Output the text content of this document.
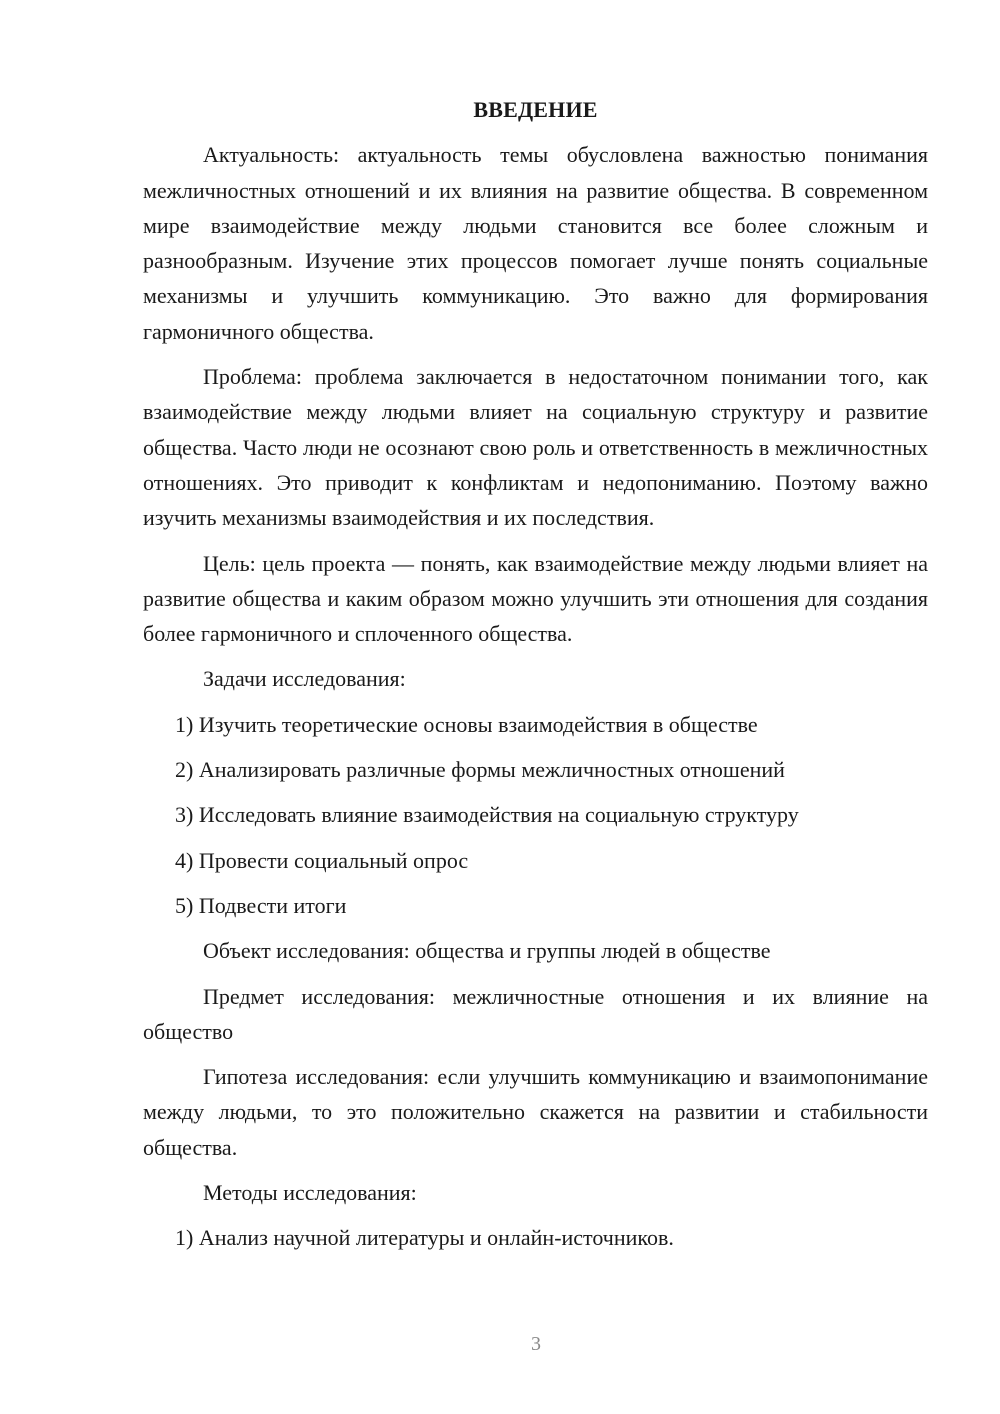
ВВЕДЕНИЕ

Актуальность: актуальность темы обусловлена важностью понимания межличностных отношений и их влияния на развитие общества. В современном мире взаимодействие между людьми становится все более сложным и разнообразным. Изучение этих процессов помогает лучше понять социальные механизмы и улучшить коммуникацию. Это важно для формирования гармоничного общества.

Проблема: проблема заключается в недостаточном понимании того, как взаимодействие между людьми влияет на социальную структуру и развитие общества. Часто люди не осознают свою роль и ответственность в межличностных отношениях. Это приводит к конфликтам и недопониманию. Поэтому важно изучить механизмы взаимодействия и их последствия.

Цель: цель проекта — понять, как взаимодействие между людьми влияет на развитие общества и каким образом можно улучшить эти отношения для создания более гармоничного и сплоченного общества.

Задачи исследования:

1) Изучить теоретические основы взаимодействия в обществе

2) Анализировать различные формы межличностных отношений

3) Исследовать влияние взаимодействия на социальную структуру

4) Провести социальный опрос

5) Подвести итоги

Объект исследования: общества и группы людей в обществе

Предмет исследования: межличностные отношения и их влияние на общество

Гипотеза исследования: если улучшить коммуникацию и взаимопонимание между людьми, то это положительно скажется на развитии и стабильности общества.

Методы исследования:

1) Анализ научной литературы и онлайн-источников.

3
